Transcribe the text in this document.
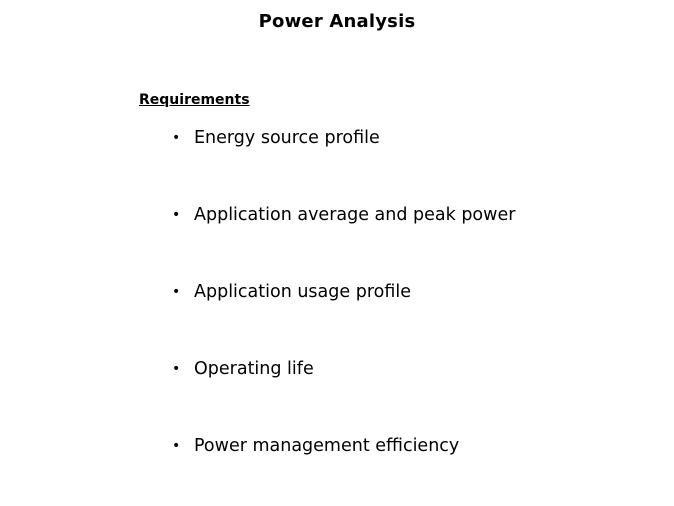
Power Analysis
Requirements
• Energy source profile
• Application average and peak power
• Application usage profile
• Operating life
• Power management efficiency
